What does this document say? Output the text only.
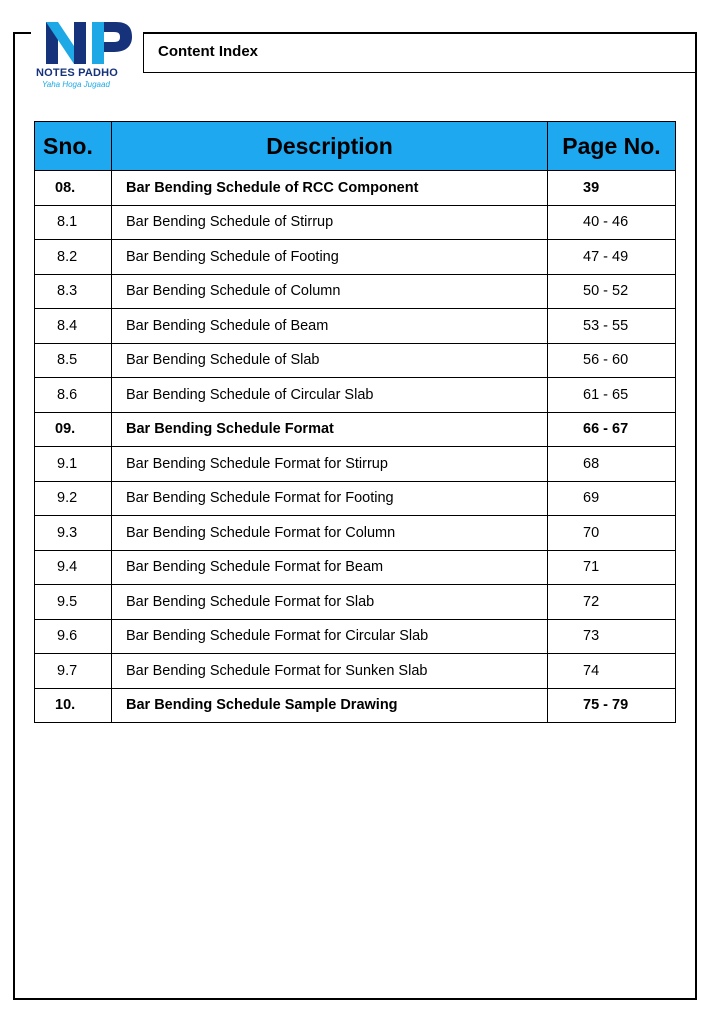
NOTES PADHO
Yaha Hoga Jugaad
Content Index
Sno.	Description	Page No.
08.	Bar Bending Schedule of RCC Component	39
8.1	Bar Bending Schedule of Stirrup	40 - 46
8.2	Bar Bending Schedule of Footing	47 - 49
8.3	Bar Bending Schedule of Column	50 - 52
8.4	Bar Bending Schedule of Beam	53 - 55
8.5	Bar Bending Schedule of Slab	56 - 60
8.6	Bar Bending Schedule of Circular Slab	61 - 65
09.	Bar Bending Schedule Format	66 - 67
9.1	Bar Bending Schedule Format for Stirrup	68
9.2	Bar Bending Schedule Format for Footing	69
9.3	Bar Bending Schedule Format for Column	70
9.4	Bar Bending Schedule Format for Beam	71
9.5	Bar Bending Schedule Format for Slab	72
9.6	Bar Bending Schedule Format for Circular Slab	73
9.7	Bar Bending Schedule Format for Sunken Slab	74
10.	Bar Bending Schedule Sample Drawing	75 - 79
